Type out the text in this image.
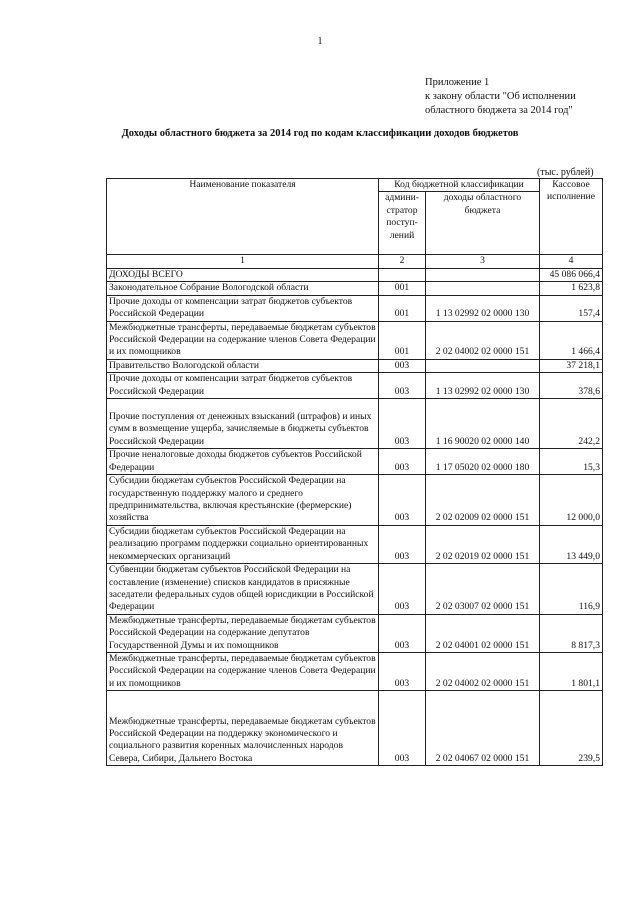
1
Приложение 1
к закону области "Об исполнении
областного бюджета за 2014 год"
Доходы областного бюджета за 2014 год по кодам классификации доходов бюджетов
(тыс. рублей)
Наименование показателя	Код бюджетной классификации		Кассовое
исполнение
	админи-
стратор
поступ-
лений	доходы областного
бюджета	
1	2	3	4
ДОХОДЫ ВСЕГО			45 086 066,4
Законодательное Собрание Вологодской области	001		1 623,8
Прочие доходы от компенсации затрат бюджетов субъектов Российской Федерации	001	1 13 02992 02 0000 130	157,4
Межбюджетные трансферты, передаваемые бюджетам субъектов Российской Федерации на содержание членов Совета Федерации и их помощников	001	2 02 04002 02 0000 151	1 466,4
Правительство Вологодской области	003		37 218,1
Прочие доходы от компенсации затрат бюджетов субъектов Российской Федерации	003	1 13 02992 02 0000 130	378,6
Прочие поступления от денежных взысканий (штрафов) и иных сумм в возмещение ущерба, зачисляемые в бюджеты субъектов Российской Федерации	003	1 16 90020 02 0000 140	242,2
Прочие неналоговые доходы бюджетов субъектов Российской Федерации	003	1 17 05020 02 0000 180	15,3
Субсидии бюджетам субъектов Российской Федерации на государственную поддержку малого и среднего предпринимательства, включая крестьянские (фермерские) хозяйства	003	2 02 02009 02 0000 151	12 000,0
Субсидии бюджетам субъектов Российской Федерации на реализацию программ поддержки социально ориентированных некоммерческих организаций	003	2 02 02019 02 0000 151	13 449,0
Субвенции бюджетам субъектов Российской Федерации на составление (изменение) списков кандидатов в присяжные заседатели федеральных судов общей юрисдикции в Российской Федерации	003	2 02 03007 02 0000 151	116,9
Межбюджетные трансферты, передаваемые бюджетам субъектов Российской Федерации на содержание депутатов Государственной Думы и их помощников	003	2 02 04001 02 0000 151	8 817,3
Межбюджетные трансферты, передаваемые бюджетам субъектов Российской Федерации на содержание членов Совета Федерации и их помощников	003	2 02 04002 02 0000 151	1 801,1
Межбюджетные трансферты, передаваемые бюджетам субъектов Российской Федерации на поддержку экономического и социального развития коренных малочисленных народов Севера, Сибири, Дальнего Востока	003	2 02 04067 02 0000 151	239,5
